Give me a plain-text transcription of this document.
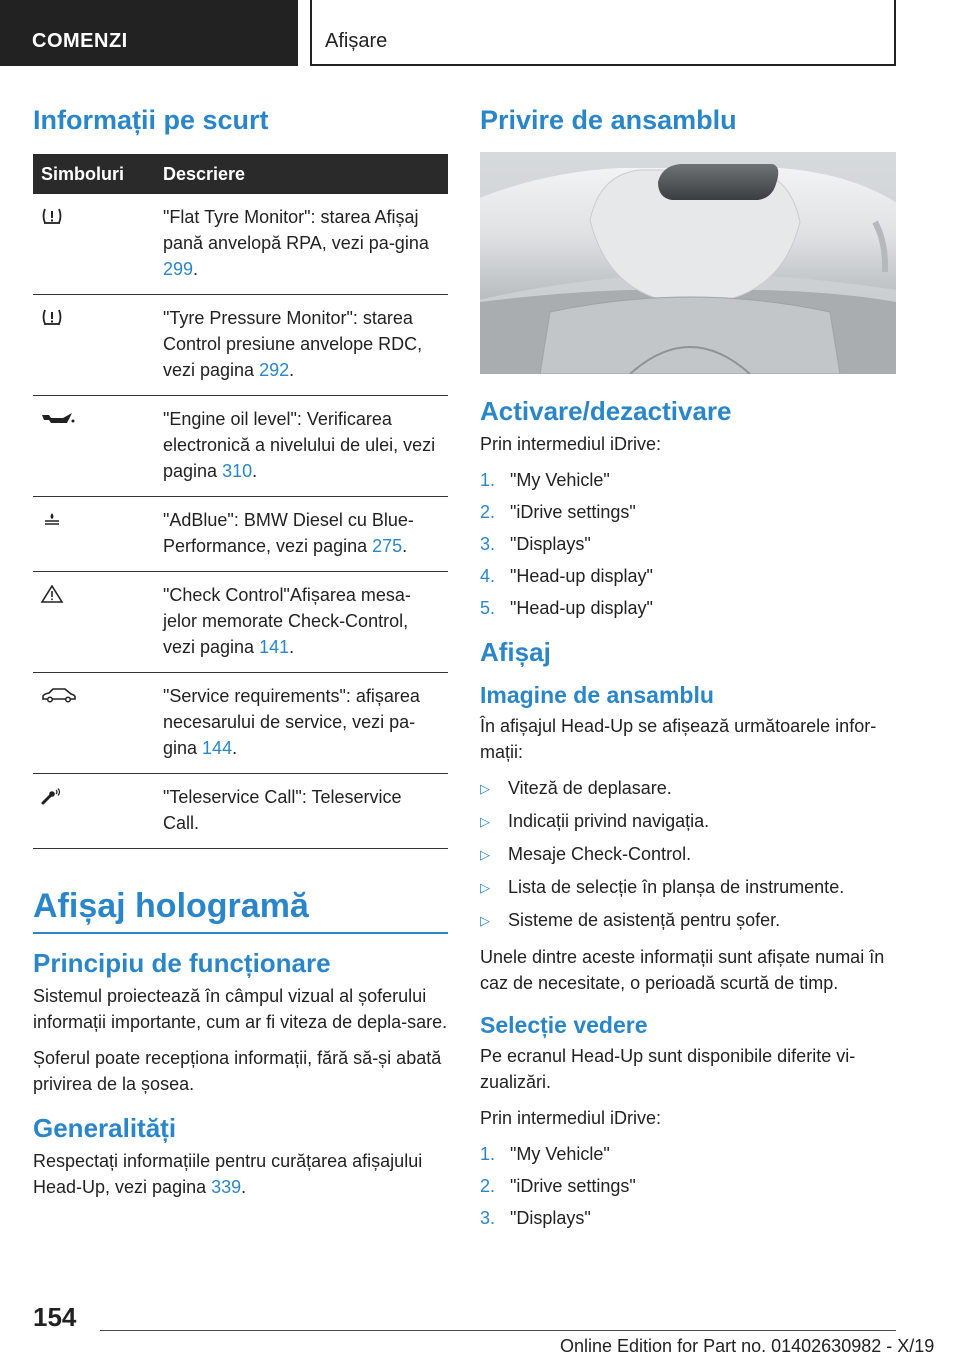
COMENZI	Afișare
Informații pe scurt
Simboluri	Descriere
	"Flat Tyre Monitor": starea Afișaj pană anvelopă RPA, vezi pa‐gina 299.
	"Tyre Pressure Monitor": starea Control presiune anvelope RDC, vezi pagina 292.
	"Engine oil level": Verificarea electronică a nivelului de ulei, vezi pagina 310.
	"AdBlue": BMW Diesel cu Blue‐Performance, vezi pagina 275.
	"Check Control"Afișarea mesa‐jelor memorate Check-Control, vezi pagina 141.
	"Service requirements": afișarea necesarului de service, vezi pa‐gina 144.
	"Teleservice Call": Teleservice Call.
Afișaj hologramă
Principiu de funcționare

Sistemul proiectează în câmpul vizual al șoferului informații importante, cum ar fi viteza de depla‐sare.

Șoferul poate recepționa informații, fără să-și abată privirea de la șosea.

Generalități

Respectați informațiile pentru curățarea afișajului Head-Up, vezi pagina 339.

Privire de ansamblu
Activare/dezactivare

Prin intermediul iDrive:

1. "My Vehicle"
2. "iDrive settings"
3. "Displays"
4. "Head-up display"
5. "Head-up display"
Afișaj
Imagine de ansamblu

În afișajul Head-Up se afișează următoarele infor‐mații:

▷	Viteză de deplasare.
▷	Indicații privind navigația.
▷	Mesaje Check-Control.
▷	Lista de selecție în planșa de instrumente.
▷	Sisteme de asistență pentru șofer.

Unele dintre aceste informații sunt afișate numai în caz de necesitate, o perioadă scurtă de timp.

Selecție vedere

Pe ecranul Head-Up sunt disponibile diferite vi‐zualizări.

Prin intermediul iDrive:

1. "My Vehicle"
2. "iDrive settings"
3. "Displays"
154
Online Edition for Part no. 01402630982 - X/19
